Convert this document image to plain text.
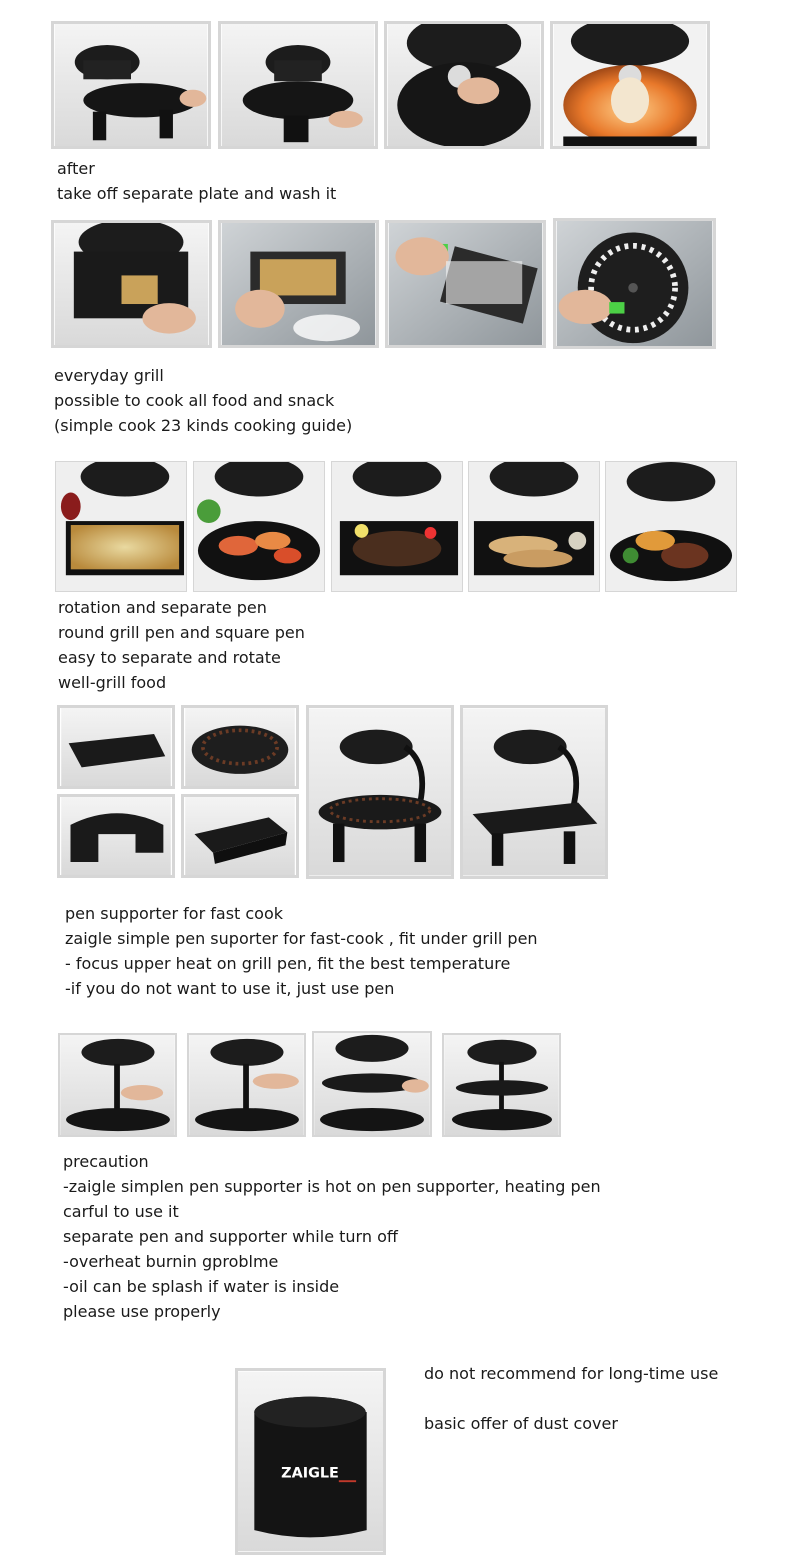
after
take off separate plate and wash it
everyday grill
possible to cook all food and snack
(simple cook 23 kinds cooking guide)
rotation and separate pen
round grill pen and square pen
easy to separate and rotate
well-grill food
pen supporter for fast cook
zaigle simple pen suporter for fast-cook , fit under grill pen
- focus upper heat on grill pen, fit the best temperature
-if you do not want to use it, just use pen
precaution
-zaigle simplen pen supporter is hot on pen supporter, heating pen
carful to use it
separate pen and supporter while turn off
-overheat burnin gproblme
-oil can be splash if water is inside
please use properly
ZAIGLE
do not recommend for long-time use
basic offer of dust cover
